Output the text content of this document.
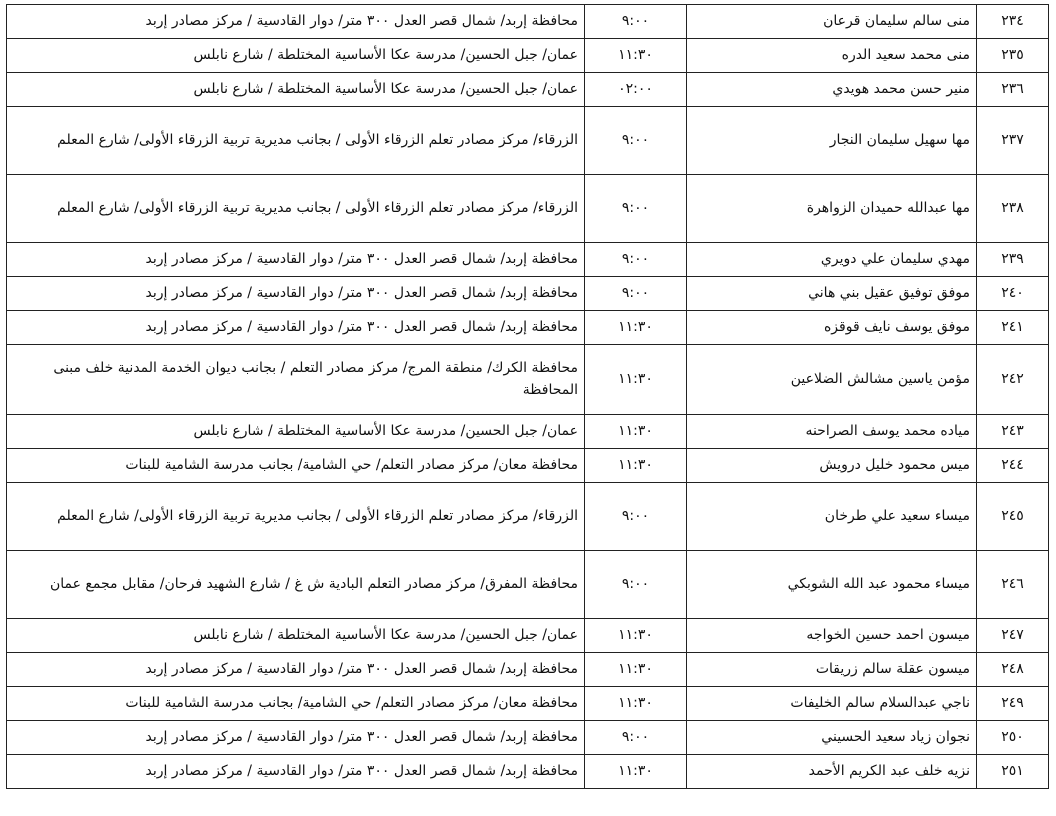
٢٣٤	منى سالم سليمان قرعان	٩:٠٠	محافظة إربد/ شمال قصر العدل ٣٠٠ متر/ دوار القادسية / مركز مصادر إربد
٢٣٥	منى محمد سعيد الدره	١١:٣٠	عمان/ جبل الحسين/ مدرسة عكا الأساسية المختلطة / شارع نابلس
٢٣٦	منير حسن محمد هويدي	٠٢:٠٠	عمان/ جبل الحسين/ مدرسة عكا الأساسية المختلطة / شارع نابلس
٢٣٧	مها سهيل سليمان النجار	٩:٠٠	الزرقاء/ مركز مصادر تعلم الزرقاء الأولى / بجانب مديرية تربية الزرقاء الأولى/ شارع المعلم
٢٣٨	مها عبدالله حميدان الزواهرة	٩:٠٠	الزرقاء/ مركز مصادر تعلم الزرقاء الأولى / بجانب مديرية تربية الزرقاء الأولى/ شارع المعلم
٢٣٩	مهدي سليمان علي دويري	٩:٠٠	محافظة إربد/ شمال قصر العدل ٣٠٠ متر/ دوار القادسية / مركز مصادر إربد
٢٤٠	موفق توفيق عقيل بني هاني	٩:٠٠	محافظة إربد/ شمال قصر العدل ٣٠٠ متر/ دوار القادسية / مركز مصادر إربد
٢٤١	موفق يوسف نايف قوقزه	١١:٣٠	محافظة إربد/ شمال قصر العدل ٣٠٠ متر/ دوار القادسية / مركز مصادر إربد
٢٤٢	مؤمن ياسين مشالش الضلاعين	١١:٣٠	محافظة الكرك/ منطقة المرج/ مركز مصادر التعلم / بجانب ديوان الخدمة المدنية خلف مبنى المحافظة
٢٤٣	مياده محمد يوسف الصراحنه	١١:٣٠	عمان/ جبل الحسين/ مدرسة عكا الأساسية المختلطة / شارع نابلس
٢٤٤	ميس محمود خليل درويش	١١:٣٠	محافظة معان/ مركز مصادر التعلم/ حي الشامية/ بجانب مدرسة الشامية للبنات
٢٤٥	ميساء سعيد علي طرخان	٩:٠٠	الزرقاء/ مركز مصادر تعلم الزرقاء الأولى / بجانب مديرية تربية الزرقاء الأولى/ شارع المعلم
٢٤٦	ميساء محمود عبد الله الشوبكي	٩:٠٠	محافظة المفرق/ مركز مصادر التعلم البادية ش غ / شارع الشهيد فرحان/ مقابل مجمع عمان
٢٤٧	ميسون احمد حسين الخواجه	١١:٣٠	عمان/ جبل الحسين/ مدرسة عكا الأساسية المختلطة / شارع نابلس
٢٤٨	ميسون عقلة سالم زريقات	١١:٣٠	محافظة إربد/ شمال قصر العدل ٣٠٠ متر/ دوار القادسية / مركز مصادر إربد
٢٤٩	ناجي عبدالسلام سالم الخليفات	١١:٣٠	محافظة معان/ مركز مصادر التعلم/ حي الشامية/ بجانب مدرسة الشامية للبنات
٢٥٠	نجوان زياد سعيد الحسيني	٩:٠٠	محافظة إربد/ شمال قصر العدل ٣٠٠ متر/ دوار القادسية / مركز مصادر إربد
٢٥١	نزيه خلف عبد الكريم الأحمد	١١:٣٠	محافظة إربد/ شمال قصر العدل ٣٠٠ متر/ دوار القادسية / مركز مصادر إربد
